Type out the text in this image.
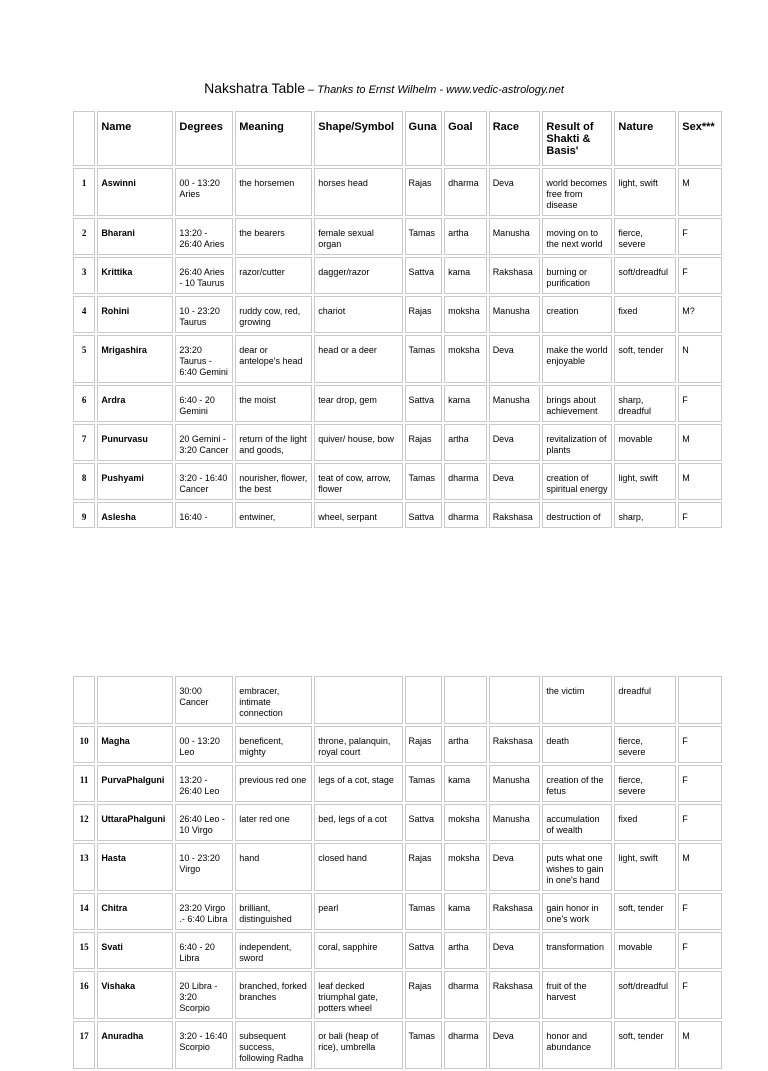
Nakshatra Table – Thanks to Ernst Wilhelm - www.vedic-astrology.net
	Name	Degrees	Meaning	Shape/Symbol	Guna	Goal	Race	Result of Shakti & Basis'	Nature	Sex***
1	Aswinni	00 - 13:20 Aries	the horsemen	horses head	Rajas	dharma	Deva	world becomes free from disease	light, swift	M
2	Bharani	13:20 - 26:40 Aries	the bearers	female sexual organ	Tamas	artha	Manusha	moving on to the next world	fierce, severe	F
3	Krittika	26:40 Aries - 10 Taurus	razor/cutter	dagger/razor	Sattva	kama	Rakshasa	burning or purification	soft/dreadful	F
4	Rohini	10 - 23:20 Taurus	ruddy cow, red, growing	chariot	Rajas	moksha	Manusha	creation	fixed	M?
5	Mrigashira	23:20 Taurus - 6:40 Gemini	dear or antelope's head	head or a deer	Tamas	moksha	Deva	make the world enjoyable	soft, tender	N
6	Ardra	6:40 - 20 Gemini	the moist	tear drop, gem	Sattva	kama	Manusha	brings about achievement	sharp, dreadful	F
7	Punurvasu	20 Gemini - 3:20 Cancer	return of the light and goods,	quiver/ house, bow	Rajas	artha	Deva	revitalization of plants	movable	M
8	Pushyami	3:20 - 16:40 Cancer	nourisher, flower, the best	teat of cow, arrow, flower	Tamas	dharma	Deva	creation of spiritual energy	light, swift	M
9	Aslesha	16:40 -	entwiner,	wheel, serpant	Sattva	dharma	Rakshasa	destruction of	sharp,	F
		30:00 Cancer	embracer, intimate connection					the victim	dreadful	
10	Magha	00 - 13:20 Leo	beneficent, mighty	throne, palanquin, royal court	Rajas	artha	Rakshasa	death	fierce, severe	F
11	PurvaPhalguni	13:20 - 26:40 Leo	previous red one	legs of a cot, stage	Tamas	kama	Manusha	creation of the fetus	fierce, severe	F
12	UttaraPhalguni	26:40 Leo - 10 Virgo	later red one	bed, legs of a cot	Sattva	moksha	Manusha	accumulation of wealth	fixed	F
13	Hasta	10 - 23:20 Virgo	hand	closed hand	Rajas	moksha	Deva	puts what one wishes to gain in one's hand	light, swift	M
14	Chitra	23:20 Virgo .- 6:40 Libra	brilliant, distinguished	pearl	Tamas	kama	Rakshasa	gain honor in one's work	soft, tender	F
15	Svati	6:40 - 20 Libra	independent, sword	coral, sapphire	Sattva	artha	Deva	transformation	movable	F
16	Vishaka	20 Libra - 3:20 Scorpio	branched, forked branches	leaf decked triumphal gate, potters wheel	Rajas	dharma	Rakshasa	fruit of the harvest	soft/dreadful	F
17	Anuradha	3:20 - 16:40 Scorpio	subsequent success, following Radha	or bali (heap of rice), umbrella	Tamas	dharma	Deva	honor and abundance	soft, tender	M
